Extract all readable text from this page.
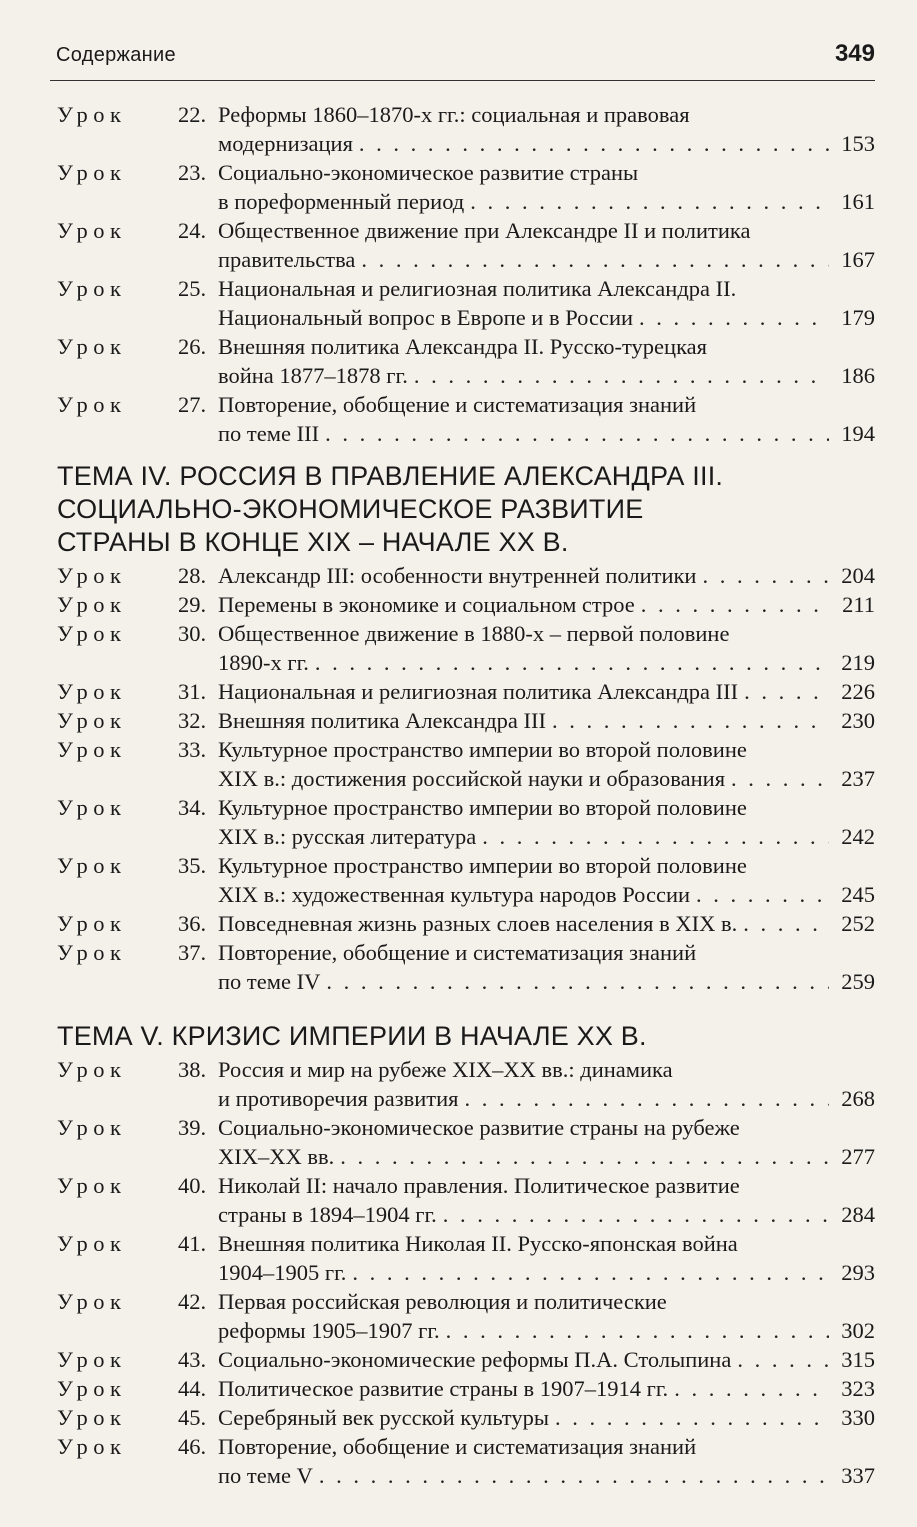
Содержание	349
Урок	22. Реформы 1860–1870-х гг.: социальная и правовая
модернизация . . .	153
Урок	23. Социально-экономическое развитие страны
в пореформенный период . . .	161
Урок	24. Общественное движение при Александре II и политика
правительства . . .	167
Урок	25. Национальная и религиозная политика Александра II.
Национальный вопрос в Европе и в России . . .	179
Урок	26. Внешняя политика Александра II. Русско-турецкая
война 1877–1878 гг. . . .	186
Урок	27. Повторение, обобщение и систематизация знаний
по теме III . . .	194
ТЕМА IV. РОССИЯ В ПРАВЛЕНИЕ АЛЕКСАНДРА III.
СОЦИАЛЬНО-ЭКОНОМИЧЕСКОЕ РАЗВИТИЕ
СТРАНЫ В КОНЦЕ XIX – НАЧАЛЕ XX В.
Урок	28. Александр III: особенности внутренней политики . . .	204
Урок	29. Перемены в экономике и социальном строе . . .	211
Урок	30. Общественное движение в 1880-х – первой половине
1890-х гг. . . .	219
Урок	31. Национальная и религиозная политика Александра III . . .	226
Урок	32. Внешняя политика Александра III . . .	230
Урок	33. Культурное пространство империи во второй половине
XIX в.: достижения российской науки и образования . . .	237
Урок	34. Культурное пространство империи во второй половине
XIX в.: русская литература . . .	242
Урок	35. Культурное пространство империи во второй половине
XIX в.: художественная культура народов России . . .	245
Урок	36. Повседневная жизнь разных слоев населения в XIX в. . . .	252
Урок	37. Повторение, обобщение и систематизация знаний
по теме IV . . .	259
ТЕМА V. КРИЗИС ИМПЕРИИ В НАЧАЛЕ XX В.
Урок	38. Россия и мир на рубеже XIX–XX вв.: динамика
и противоречия развития . . .	268
Урок	39. Социально-экономическое развитие страны на рубеже
XIX–XX вв. . . .	277
Урок	40. Николай II: начало правления. Политическое развитие
страны в 1894–1904 гг. . . .	284
Урок	41. Внешняя политика Николая II. Русско-японская война
1904–1905 гг. . . .	293
Урок	42. Первая российская революция и политические
реформы 1905–1907 гг. . . .	302
Урок	43. Социально-экономические реформы П.А. Столыпина . . .	315
Урок	44. Политическое развитие страны в 1907–1914 гг. . . .	323
Урок	45. Серебряный век русской культуры . . .	330
Урок	46. Повторение, обобщение и систематизация знаний
по теме V . . .	337
